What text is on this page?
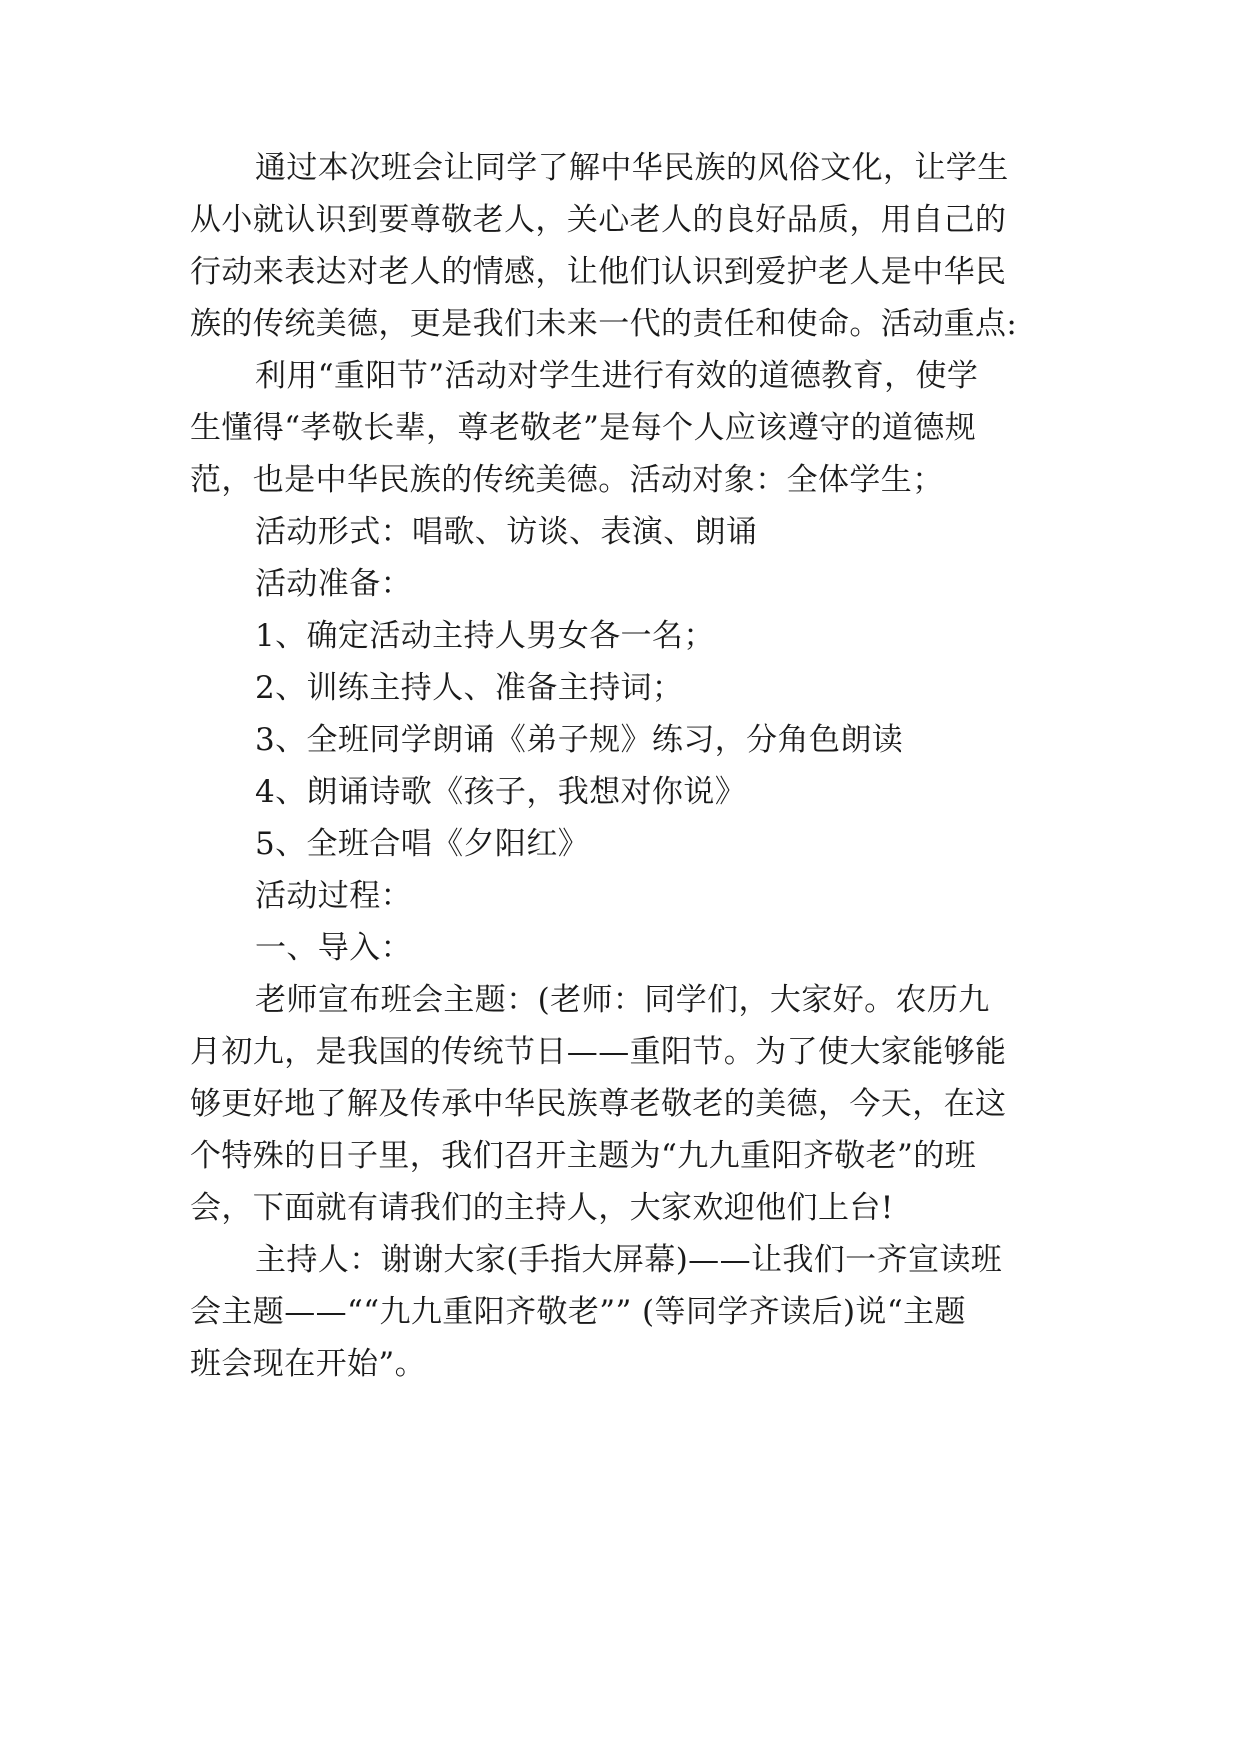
通过本次班会让同学了解中华民族的风俗文化，让学生
从小就认识到要尊敬老人，关心老人的良好品质，用自己的
行动来表达对老人的情感，让他们认识到爱护老人是中华民
族的传统美德，更是我们未来一代的责任和使命。活动重点:
利用“重阳节”活动对学生进行有效的道德教育，使学
生懂得“孝敬长辈，尊老敬老”是每个人应该遵守的道德规
范，也是中华民族的传统美德。活动对象：全体学生；
活动形式：唱歌、访谈、表演、朗诵
活动准备：
1、确定活动主持人男女各一名；
2、训练主持人、准备主持词；
3、全班同学朗诵《弟子规》练习，分角色朗读
4、朗诵诗歌《孩子，我想对你说》
5、全班合唱《夕阳红》
活动过程：
一、导入：
老师宣布班会主题：(老师：同学们，大家好。农历九
月初九，是我国的传统节日——重阳节。为了使大家能够能
够更好地了解及传承中华民族尊老敬老的美德，今天，在这
个特殊的日子里，我们召开主题为“九九重阳齐敬老”的班
会，下面就有请我们的主持人，大家欢迎他们上台!
主持人：谢谢大家(手指大屏幕)——让我们一齐宣读班
会主题——““九九重阳齐敬老”” (等同学齐读后)说“主题
班会现在开始”。
